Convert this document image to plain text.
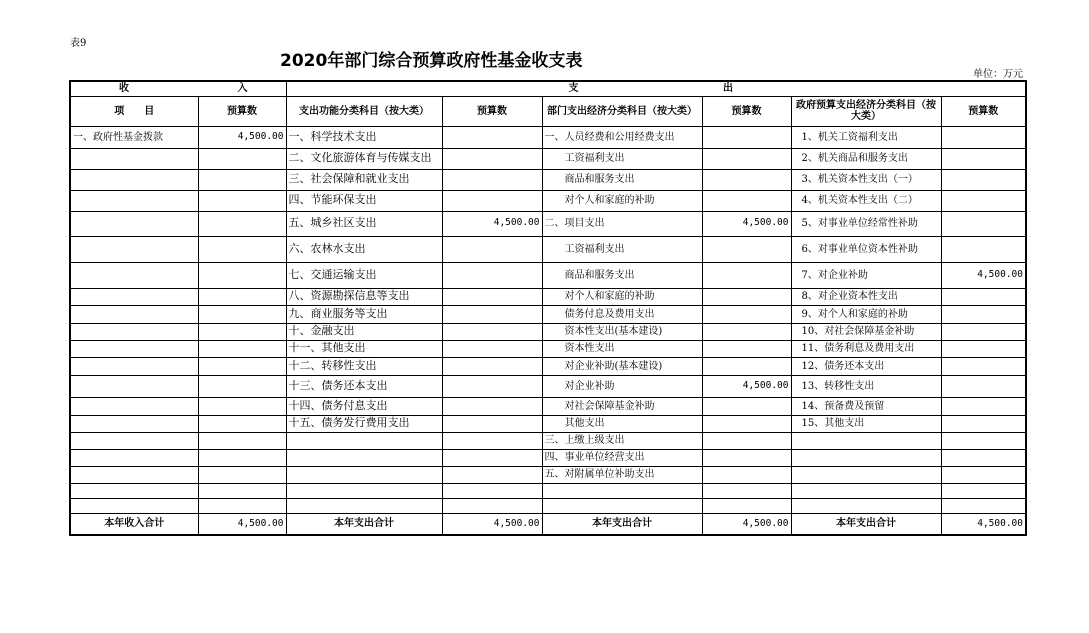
表9
2020年部门综合预算政府性基金收支表
单位：万元
收 入		支 出					

项　　目	预算数	支出功能分类科目（按大类）	预算数	部门支出经济分类科目（按大类）	预算数	政府预算支出经济分类科目（按大类）	预算数
一、政府性基金拨款	4,500.00	一、科学技术支出		一、人员经费和公用经费支出		1、机关工资福利支出	
		二、文化旅游体育与传媒支出		工资福利支出		2、机关商品和服务支出	
		三、社会保障和就业支出		商品和服务支出		3、机关资本性支出（一）	
		四、节能环保支出		对个人和家庭的补助		4、机关资本性支出（二）	
		五、城乡社区支出	4,500.00	二、项目支出	4,500.00	5、对事业单位经常性补助	
		六、农林水支出		工资福利支出		6、对事业单位资本性补助	
		七、交通运输支出		商品和服务支出		7、对企业补助	4,500.00
		八、资源勘探信息等支出		对个人和家庭的补助		8、对企业资本性支出	
		九、商业服务等支出		债务付息及费用支出		9、对个人和家庭的补助	
		十、金融支出		资本性支出(基本建设)		10、对社会保障基金补助	
		十一、其他支出		资本性支出		11、债务利息及费用支出	
		十二、转移性支出		对企业补助(基本建设)		12、债务还本支出	
		十三、债务还本支出		对企业补助	4,500.00	13、转移性支出	
		十四、债务付息支出		对社会保障基金补助		14、预备费及预留	
		十五、债务发行费用支出		其他支出		15、其他支出	
				三、上缴上级支出			
				四、事业单位经营支出			
				五、对附属单位补助支出			

本年收入合计	4,500.00	本年支出合计	4,500.00	本年支出合计	4,500.00	本年支出合计	4,500.00
